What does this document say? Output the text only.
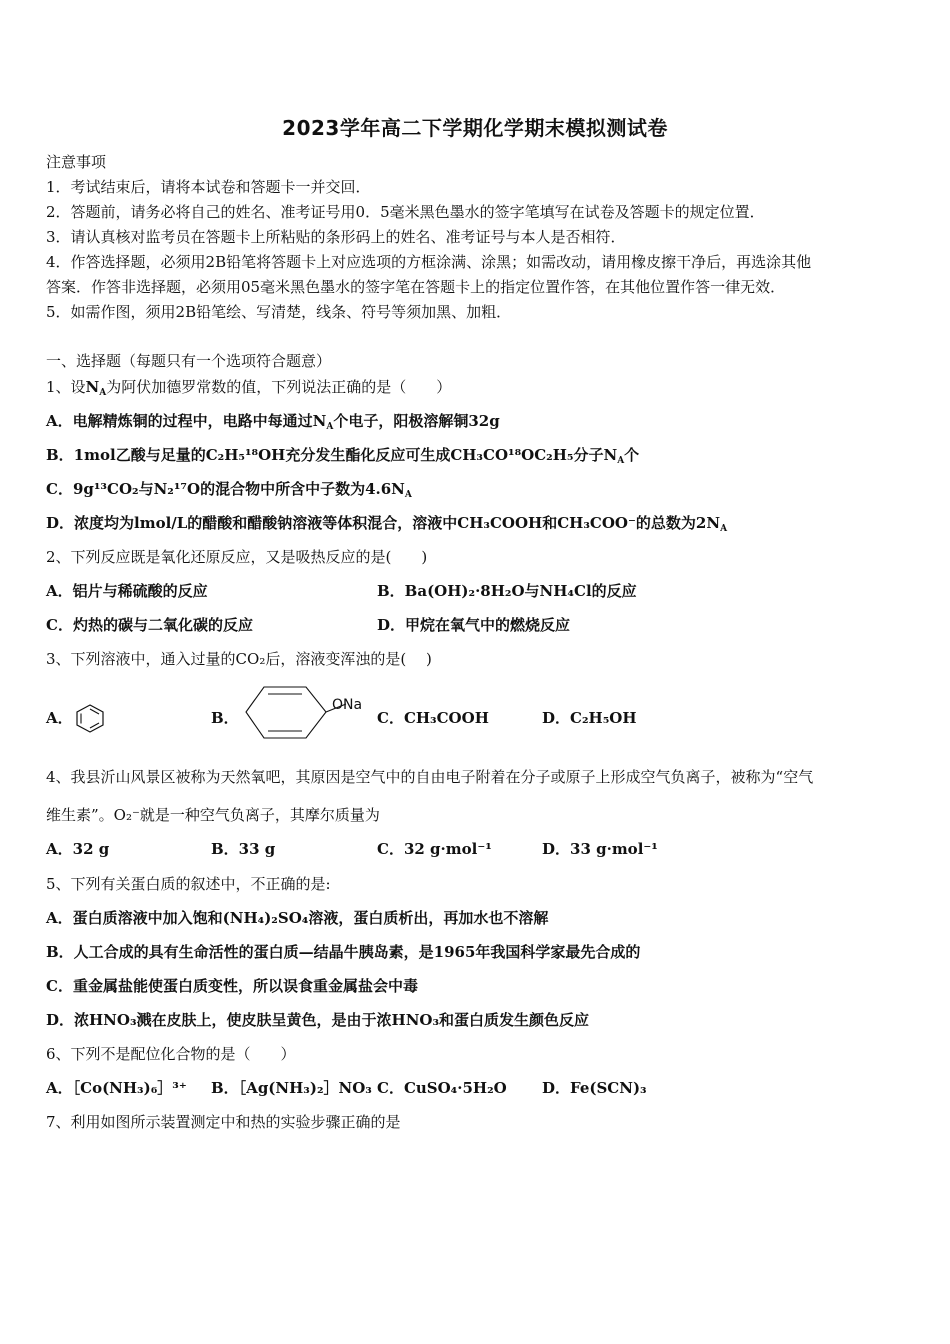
2023学年高二下学期化学期末模拟测试卷
注意事项
1．考试结束后，请将本试卷和答题卡一并交回．
2．答题前，请务必将自己的姓名、准考证号用0．5毫米黑色墨水的签字笔填写在试卷及答题卡的规定位置．
3．请认真核对监考员在答题卡上所粘贴的条形码上的姓名、准考证号与本人是否相符．
4．作答选择题，必须用2B铅笔将答题卡上对应选项的方框涂满、涂黑；如需改动，请用橡皮擦干净后，再选涂其他
答案．作答非选择题，必须用05毫米黑色墨水的签字笔在答题卡上的指定位置作答，在其他位置作答一律无效．
5．如需作图，须用2B铅笔绘、写清楚，线条、符号等须加黑、加粗．
一、选择题（每题只有一个选项符合题意）
1、设$N_A$为阿伏加德罗常数的值，下列说法正确的是（　　）
A．电解精炼铜的过程中，电路中每通过$N_A$个电子，阳极溶解铜32g
B．1mol乙酸与足量的C₂H₅¹⁸OH充分发生酯化反应可生成CH₃CO¹⁸OC₂H₅分子$N_A$个
C．9g¹³CO₂与N₂¹⁷O的混合物中所含中子数为$4.6N_A$
D．浓度均为lmol/L的醋酸和醋酸钠溶液等体积混合，溶液中CH₃COOH和CH₃COO⁻的总数为$2N_A$
2、下列反应既是氧化还原反应，又是吸热反应的是(　　)
A．铝片与稀硫酸的反应	B．Ba(OH)₂·8H₂O与NH₄Cl的反应
C．灼热的碳与二氧化碳的反应	D．甲烷在氧气中的燃烧反应
3、下列溶液中，通入过量的CO₂后，溶液变浑浊的是(　 )
A．	B．
ONa
C．CH₃COOH	D．C₂H₅OH
4、我县沂山风景区被称为天然氧吧，其原因是空气中的自由电子附着在分子或原子上形成空气负离子，被称为“空气
维生素”。O₂⁻就是一种空气负离子，其摩尔质量为
A．32 g	B．33 g	C．32 g·mol⁻¹	D．33 g·mol⁻¹
5、下列有关蛋白质的叙述中，不正确的是:
A．蛋白质溶液中加入饱和(NH₄)₂SO₄溶液，蛋白质析出，再加水也不溶解
B．人工合成的具有生命活性的蛋白质—结晶牛胰岛素，是1965年我国科学家最先合成的
C．重金属盐能使蛋白质变性，所以误食重金属盐会中毒
D．浓HNO₃溅在皮肤上，使皮肤呈黄色，是由于浓HNO₃和蛋白质发生颜色反应
6、下列不是配位化合物的是（　　）
A．［Co(NH₃)₆］³⁺ B．［Ag(NH₃)₂］NO₃ C．CuSO₄·5H₂O D．Fe(SCN)₃
7、利用如图所示装置测定中和热的实验步骤正确的是
